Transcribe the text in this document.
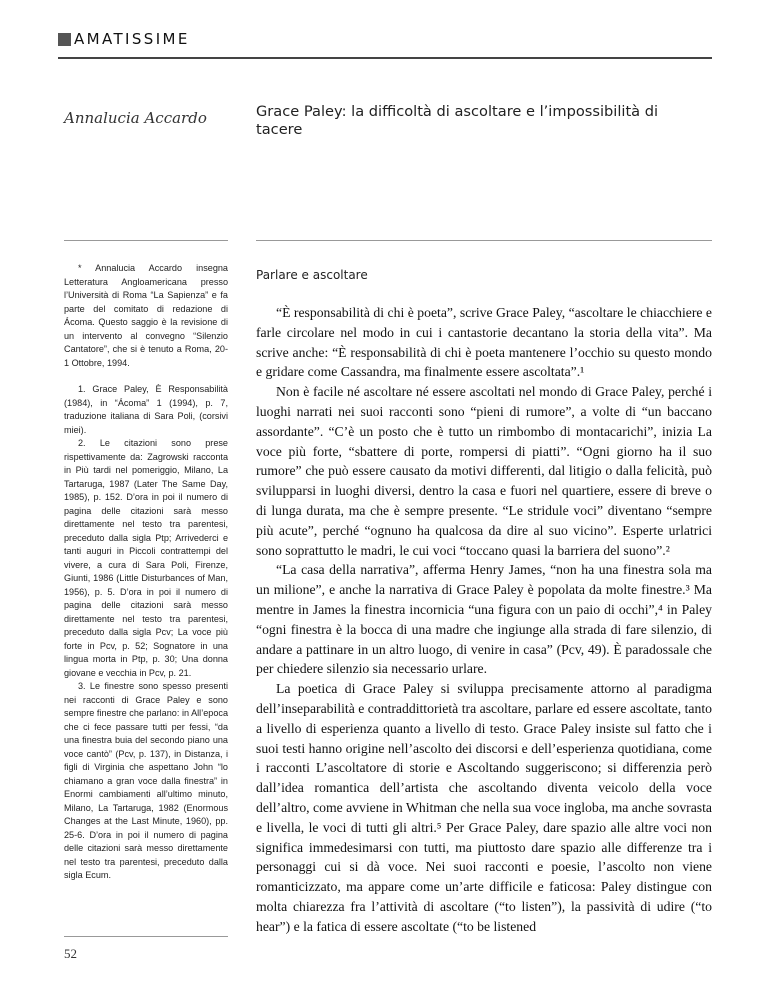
AMATISSIME
Annalucia Accardo	Grace Paley: la difficoltà di ascoltare e l’impossibilità di tacere

* Annalucia Accardo insegna Letteratura Angloamericana presso l’Università di Roma “La Sapienza” e fa parte del comitato di redazione di Ácoma. Questo saggio è la revisione di un intervento al convegno “Silenzio Cantatore”, che si è tenuto a Roma, 20-1 Ottobre, 1994.

1. Grace Paley, È Responsabilità (1984), in “Ácoma” 1 (1994), p. 7, traduzione italiana di Sara Poli, (corsivi miei).

2. Le citazioni sono prese rispettivamente da: Zagrowski racconta in Più tardi nel pomeriggio, Milano, La Tartaruga, 1987 (Later The Same Day, 1985), p. 152. D’ora in poi il numero di pagina delle citazioni sarà messo direttamente nel testo tra parentesi, preceduto dalla sigla Ptp; Arrivederci e tanti auguri in Piccoli contrattempi del vivere, a cura di Sara Poli, Firenze, Giunti, 1986 (Little Disturbances of Man, 1956), p. 5. D’ora in poi il numero di pagina delle citazioni sarà messo direttamente nel testo tra parentesi, preceduto dalla sigla Pcv; La voce più forte in Pcv, p. 52; Sognatore in una lingua morta in Ptp, p. 30; Una donna giovane e vecchia in Pcv, p. 21.

3. Le finestre sono spesso presenti nei racconti di Grace Paley e sono sempre finestre che parlano: in All’epoca che ci fece passare tutti per fessi, “da una finestra buia del secondo piano una voce cantò” (Pcv, p. 137), in Distanza, i figli di Virginia che aspettano John “lo chiamano a gran voce dalla finestra” in Enormi cambiamenti all’ultimo minuto, Milano, La Tartaruga, 1982 (Enormous Changes at the Last Minute, 1960), pp. 25-6. D’ora in poi il numero di pagina delle citazioni sarà messo direttamente nel testo tra parentesi, preceduto dalla sigla Ecum.

Parlare e ascoltare

“È responsabilità di chi è poeta”, scrive Grace Paley, “ascoltare le chiacchiere e farle circolare nel modo in cui i cantastorie decantano la storia della vita”. Ma scrive anche: “È responsabilità di chi è poeta mantenere l’occhio su questo mondo e gridare come Cassandra, ma finalmente essere ascoltata”.¹

Non è facile né ascoltare né essere ascoltati nel mondo di Grace Paley, perché i luoghi narrati nei suoi racconti sono “pieni di rumore”, a volte di “un baccano assordante”. “C’è un posto che è tutto un rimbombo di montacarichi”, inizia La voce più forte, “sbattere di porte, rompersi di piatti”. “Ogni giorno ha il suo rumore” che può essere causato da motivi differenti, dal litigio o dalla felicità, può svilupparsi in luoghi diversi, dentro la casa e fuori nel quartiere, essere di breve o di lunga durata, ma che è sempre presente. “Le stridule voci” diventano “sempre più acute”, perché “ognuno ha qualcosa da dire al suo vicino”. Esperte urlatrici sono soprattutto le madri, le cui voci “toccano quasi la barriera del suono”.²

“La casa della narrativa”, afferma Henry James, “non ha una finestra sola ma un milione”, e anche la narrativa di Grace Paley è popolata da molte finestre.³ Ma mentre in James la finestra incornicia “una figura con un paio di occhi”,⁴ in Paley “ogni finestra è la bocca di una madre che ingiunge alla strada di fare silenzio, di andare a pattinare in un altro luogo, di venire in casa” (Pcv, 49). È paradossale che per chiedere silenzio sia necessario urlare.

La poetica di Grace Paley si sviluppa precisamente attorno al paradigma dell’inseparabilità e contraddittorietà tra ascoltare, parlare ed essere ascoltate, tanto a livello di esperienza quanto a livello di testo. Grace Paley insiste sul fatto che i suoi testi hanno origine nell’ascolto dei discorsi e dell’esperienza quotidiana, come i racconti L’ascoltatore di storie e Ascoltando suggeriscono; si differenzia però dall’idea romantica dell’artista che ascoltando diventa veicolo della voce dell’altro, come avviene in Whitman che nella sua voce ingloba, ma anche sovrasta e livella, le voci di tutti gli altri.⁵ Per Grace Paley, dare spazio alle altre voci non significa immedesimarsi con tutti, ma piuttosto dare spazio alle differenze tra i personaggi cui si dà voce. Nei suoi racconti e poesie, l’ascolto non viene romanticizzato, ma appare come un’arte difficile e faticosa: Paley distingue con molta chiarezza fra l’attività di ascoltare (“to listen”), la passività di udire (“to hear”) e la fatica di essere ascoltate (“to be listened

52
